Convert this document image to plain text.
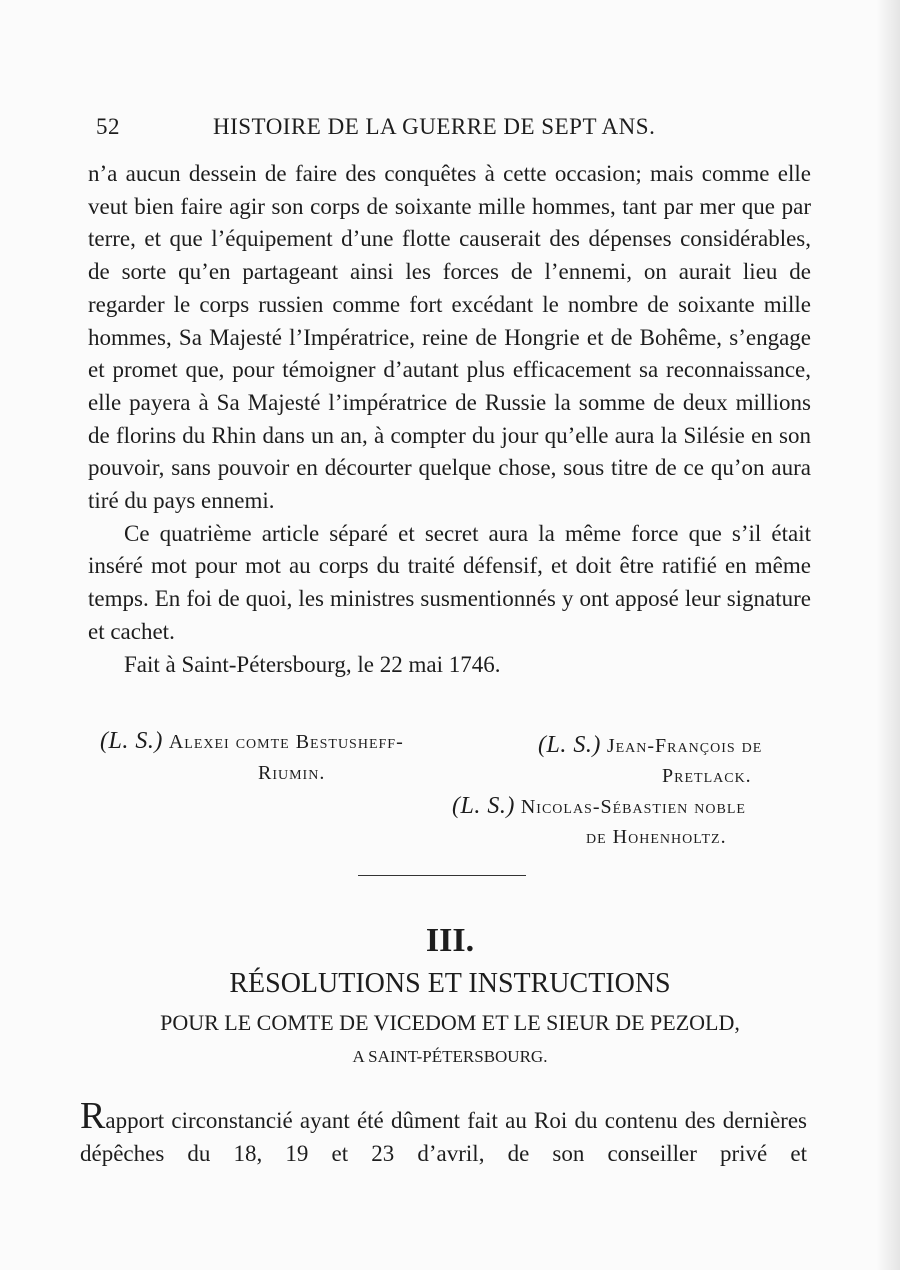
52	HISTOIRE DE LA GUERRE DE SEPT ANS.

n’a aucun dessein de faire des conquêtes à cette occasion; mais comme elle veut bien faire agir son corps de soixante mille hommes, tant par mer que par terre, et que l’équipement d’une flotte causerait des dépenses considérables, de sorte qu’en partageant ainsi les forces de l’ennemi, on aurait lieu de regarder le corps russien comme fort excédant le nombre de soixante mille hommes, Sa Majesté l’Impératrice, reine de Hongrie et de Bohême, s’engage et promet que, pour témoigner d’autant plus efficacement sa reconnaissance, elle payera à Sa Majesté l’impératrice de Russie la somme de deux millions de florins du Rhin dans un an, à compter du jour qu’elle aura la Silésie en son pouvoir, sans pouvoir en décourter quelque chose, sous titre de ce qu’on aura tiré du pays ennemi.

Ce quatrième article séparé et secret aura la même force que s’il était inséré mot pour mot au corps du traité défensif, et doit être ratifié en même temps. En foi de quoi, les ministres susmentionnés y ont apposé leur signature et cachet.

Fait à Saint-Pétersbourg, le 22 mai 1746.

(L. S.) Alexei comte Bestusheff-
Riumin.
(L. S.) Jean-François de
Pretlack.
(L. S.) Nicolas-Sébastien noble
de Hohenholtz.
III.
RÉSOLUTIONS ET INSTRUCTIONS
POUR LE COMTE DE VICEDOM ET LE SIEUR DE PEZOLD,
A SAINT-PÉTERSBOURG.
Rapport circonstancié ayant été dûment fait au Roi du contenu des dernières dépêches du 18, 19 et 23 d’avril, de son conseiller privé et
